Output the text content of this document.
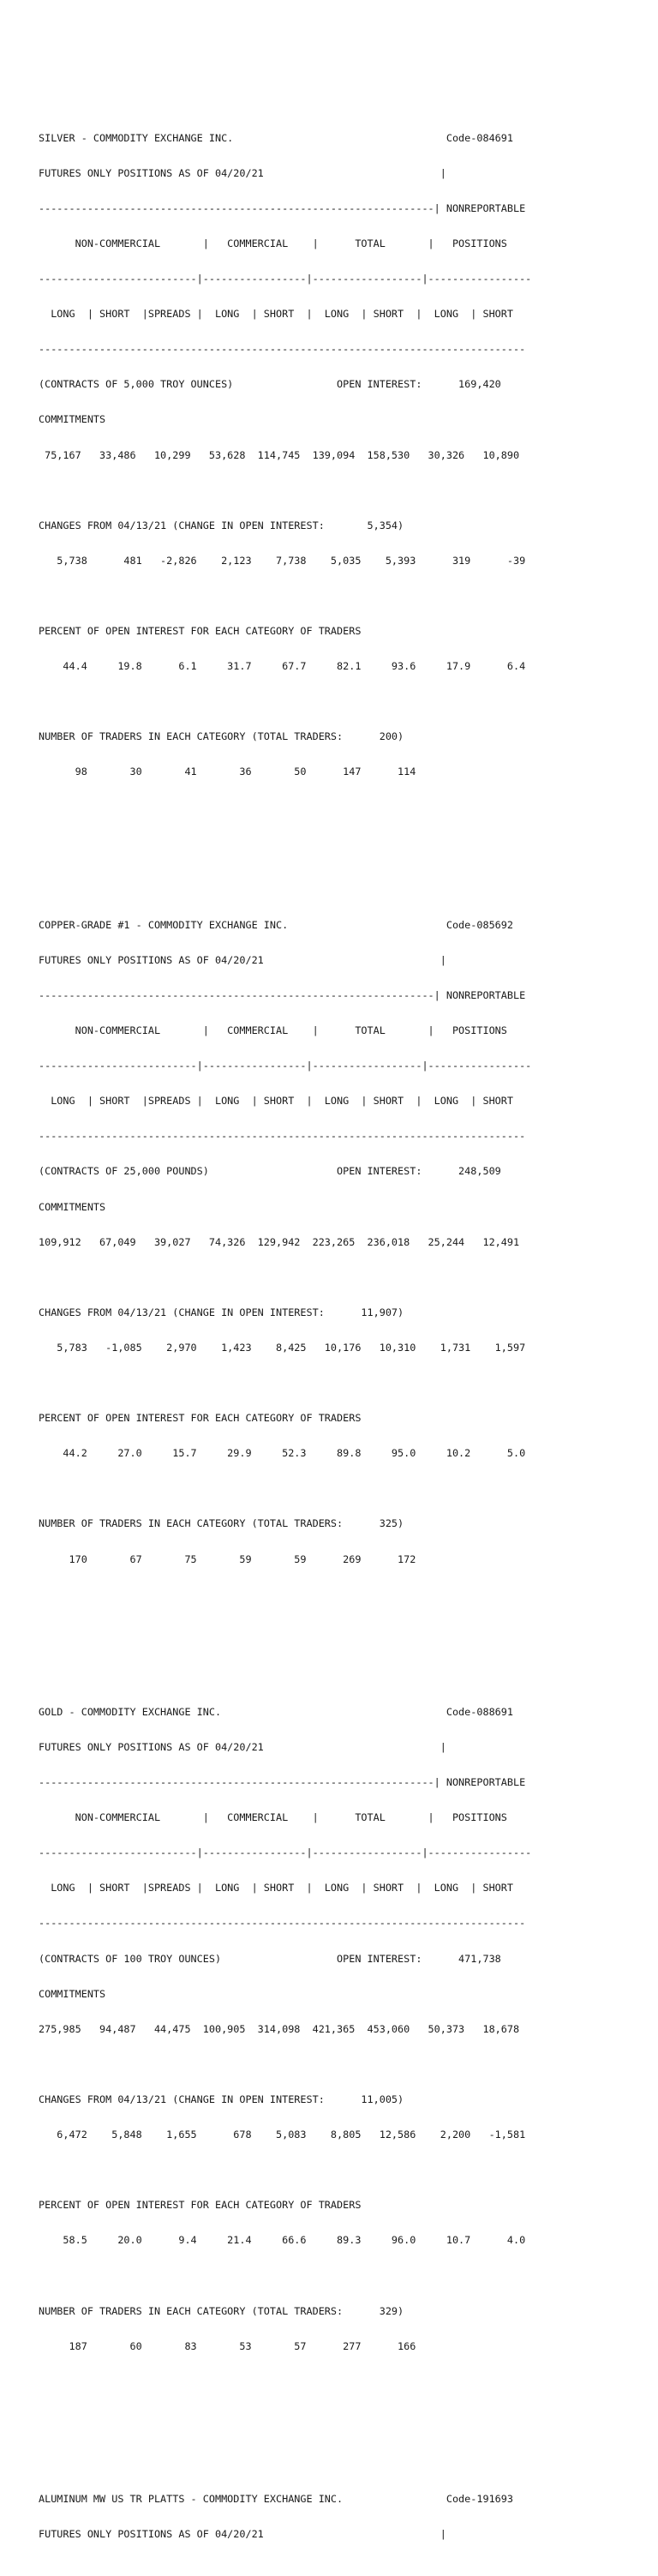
SILVER - COMMODITY EXCHANGE INC.                                   Code-084691

FUTURES ONLY POSITIONS AS OF 04/20/21                             |

-----------------------------------------------------------------| NONREPORTABLE

NON-COMMERCIAL       |   COMMERCIAL    |      TOTAL       |   POSITIONS

--------------------------|-----------------|------------------|-----------------

LONG  | SHORT  |SPREADS |  LONG  | SHORT  |  LONG  | SHORT  |  LONG  | SHORT

--------------------------------------------------------------------------------

(CONTRACTS OF 5,000 TROY OUNCES)                 OPEN INTEREST:      169,420

COMMITMENTS

75,167   33,486   10,299   53,628  114,745  139,094  158,530   30,326   10,890

CHANGES FROM 04/13/21 (CHANGE IN OPEN INTEREST:       5,354)

5,738      481   -2,826    2,123    7,738    5,035    5,393      319      -39

PERCENT OF OPEN INTEREST FOR EACH CATEGORY OF TRADERS

44.4     19.8      6.1     31.7     67.7     82.1     93.6     17.9      6.4

NUMBER OF TRADERS IN EACH CATEGORY (TOTAL TRADERS:      200)

98       30       41       36       50      147      114

COPPER-GRADE #1 - COMMODITY EXCHANGE INC.                          Code-085692

FUTURES ONLY POSITIONS AS OF 04/20/21                             |

-----------------------------------------------------------------| NONREPORTABLE

NON-COMMERCIAL       |   COMMERCIAL    |      TOTAL       |   POSITIONS

--------------------------|-----------------|------------------|-----------------

LONG  | SHORT  |SPREADS |  LONG  | SHORT  |  LONG  | SHORT  |  LONG  | SHORT

--------------------------------------------------------------------------------

(CONTRACTS OF 25,000 POUNDS)                     OPEN INTEREST:      248,509

COMMITMENTS

109,912   67,049   39,027   74,326  129,942  223,265  236,018   25,244   12,491

CHANGES FROM 04/13/21 (CHANGE IN OPEN INTEREST:      11,907)

5,783   -1,085    2,970    1,423    8,425   10,176   10,310    1,731    1,597

PERCENT OF OPEN INTEREST FOR EACH CATEGORY OF TRADERS

44.2     27.0     15.7     29.9     52.3     89.8     95.0     10.2      5.0

NUMBER OF TRADERS IN EACH CATEGORY (TOTAL TRADERS:      325)

170       67       75       59       59      269      172

GOLD - COMMODITY EXCHANGE INC.                                     Code-088691

FUTURES ONLY POSITIONS AS OF 04/20/21                             |

-----------------------------------------------------------------| NONREPORTABLE

NON-COMMERCIAL       |   COMMERCIAL    |      TOTAL       |   POSITIONS

--------------------------|-----------------|------------------|-----------------

LONG  | SHORT  |SPREADS |  LONG  | SHORT  |  LONG  | SHORT  |  LONG  | SHORT

--------------------------------------------------------------------------------

(CONTRACTS OF 100 TROY OUNCES)                   OPEN INTEREST:      471,738

COMMITMENTS

275,985   94,487   44,475  100,905  314,098  421,365  453,060   50,373   18,678

CHANGES FROM 04/13/21 (CHANGE IN OPEN INTEREST:      11,005)

6,472    5,848    1,655      678    5,083    8,805   12,586    2,200   -1,581

PERCENT OF OPEN INTEREST FOR EACH CATEGORY OF TRADERS

58.5     20.0      9.4     21.4     66.6     89.3     96.0     10.7      4.0

NUMBER OF TRADERS IN EACH CATEGORY (TOTAL TRADERS:      329)

187       60       83       53       57      277      166

ALUMINUM MW US TR PLATTS - COMMODITY EXCHANGE INC.                 Code-191693

FUTURES ONLY POSITIONS AS OF 04/20/21                             |
